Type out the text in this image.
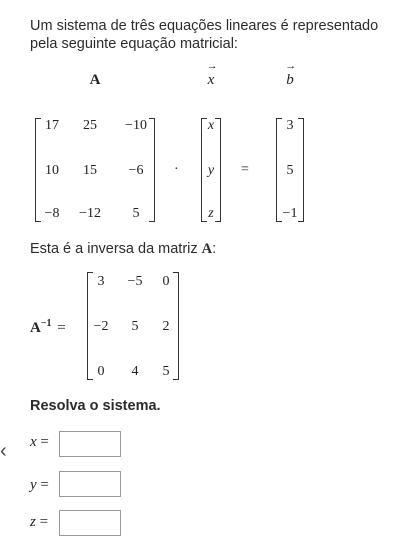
Um sistema de três equações lineares é representado pela seguinte equação matricial:
A
→
x
→
b
17	25	−10
10	15	−6
−8	−12	5
·
x
y
z
=
3
5
−1
Esta é a inversa da matriz A:
$A^{-1}$ =
3	−5	0
−2	5	2
0	4	5
Resolva o sistema.
‹	x =
y =
z =
